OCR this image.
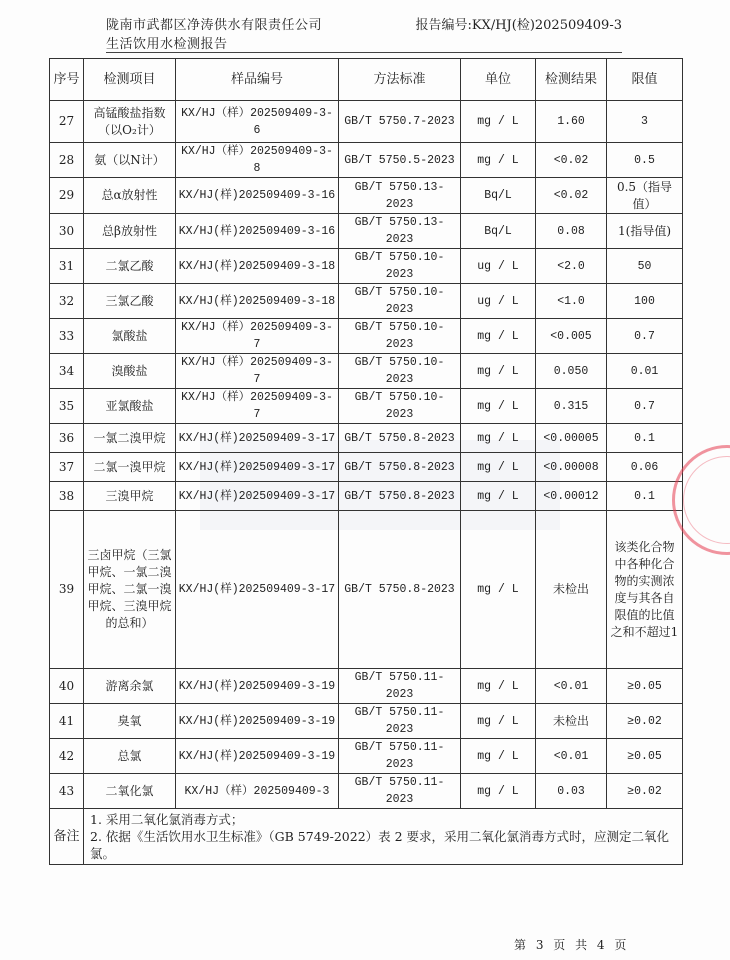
陇南市武都区净涛供水有限责任公司
生活饮用水检测报告
报告编号:KX/HJ(检)202509409-3
序号	检测项目	样品编号	方法标准	单位	检测结果	限值
27	高锰酸盐指数（以O₂计）	KX/HJ（样）202509409-3-6	GB/T 5750.7-2023	mg / L	1.60	3
28	氨（以N计）	KX/HJ（样）202509409-3-8	GB/T 5750.5-2023	mg / L	<0.02	0.5
29	总α放射性	KX/HJ(样)202509409-3-16	GB/T 5750.13-2023	Bq/L	<0.02	0.5（指导值）
30	总β放射性	KX/HJ(样)202509409-3-16	GB/T 5750.13-2023	Bq/L	0.08	1(指导值)
31	二氯乙酸	KX/HJ(样)202509409-3-18	GB/T 5750.10-2023	ug / L	<2.0	50
32	三氯乙酸	KX/HJ(样)202509409-3-18	GB/T 5750.10-2023	ug / L	<1.0	100
33	氯酸盐	KX/HJ（样）202509409-3-7	GB/T 5750.10-2023	mg / L	<0.005	0.7
34	溴酸盐	KX/HJ（样）202509409-3-7	GB/T 5750.10-2023	mg / L	0.050	0.01
35	亚氯酸盐	KX/HJ（样）202509409-3-7	GB/T 5750.10-2023	mg / L	0.315	0.7
36	一氯二溴甲烷	KX/HJ(样)202509409-3-17	GB/T 5750.8-2023	mg / L	<0.00005	0.1
37	二氯一溴甲烷	KX/HJ(样)202509409-3-17	GB/T 5750.8-2023	mg / L	<0.00008	0.06
38	三溴甲烷	KX/HJ(样)202509409-3-17	GB/T 5750.8-2023	mg / L	<0.00012	0.1
39	三卤甲烷（三氯甲烷、一氯二溴甲烷、二氯一溴甲烷、三溴甲烷的总和）	KX/HJ(样)202509409-3-17	GB/T 5750.8-2023	mg / L	未检出	该类化合物中各种化合物的实测浓度与其各自限值的比值之和不超过1
40	游离余氯	KX/HJ(样)202509409-3-19	GB/T 5750.11-2023	mg / L	<0.01	≥0.05
41	臭氧	KX/HJ(样)202509409-3-19	GB/T 5750.11-2023	mg / L	未检出	≥0.02
42	总氯	KX/HJ(样)202509409-3-19	GB/T 5750.11-2023	mg / L	<0.01	≥0.05
43	二氧化氯	KX/HJ（样）202509409-3	GB/T 5750.11-2023	mg / L	0.03	≥0.02
备注	1. 采用二氧化氯消毒方式；
2. 依据《生活饮用水卫生标准》（GB 5749-2022）表 2 要求，采用二氧化氯消毒方式时，应测定二氧化氯。					
第 3 页 共 4 页
